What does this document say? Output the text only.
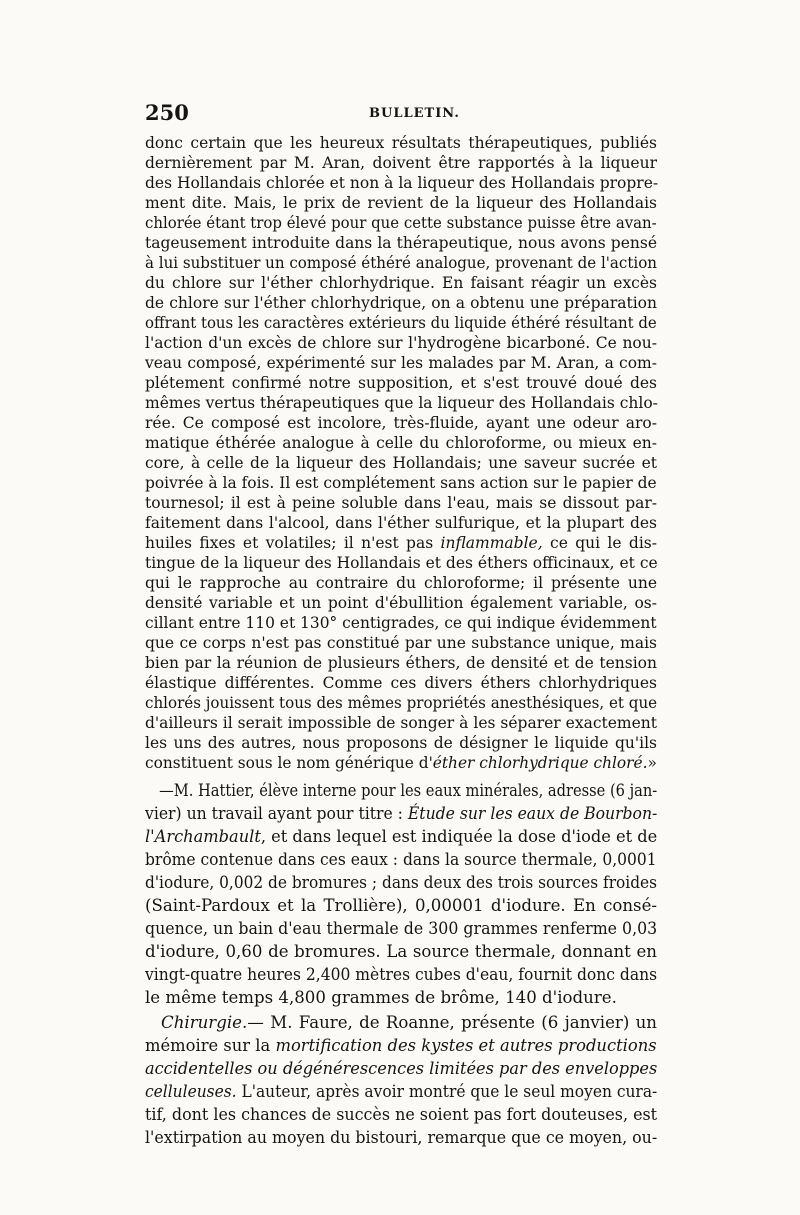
250	BULLETIN.
donc certain que les heureux résultats thérapeutiques, publiés
dernièrement par M. Aran, doivent être rapportés à la liqueur
des Hollandais chlorée et non à la liqueur des Hollandais propre-
ment dite. Mais, le prix de revient de la liqueur des Hollandais
chlorée étant trop élevé pour que cette substance puisse être avan-
tageusement introduite dans la thérapeutique, nous avons pensé
à lui substituer un composé éthéré analogue, provenant de l'action
du chlore sur l'éther chlorhydrique. En faisant réagir un excès
de chlore sur l'éther chlorhydrique, on a obtenu une préparation
offrant tous les caractères extérieurs du liquide éthéré résultant de
l'action d'un excès de chlore sur l'hydrogène bicarboné. Ce nou-
veau composé, expérimenté sur les malades par M. Aran, a com-
plétement confirmé notre supposition, et s'est trouvé doué des
mêmes vertus thérapeutiques que la liqueur des Hollandais chlo-
rée. Ce composé est incolore, très-fluide, ayant une odeur aro-
matique éthérée analogue à celle du chloroforme, ou mieux en-
core, à celle de la liqueur des Hollandais; une saveur sucrée et
poivrée à la fois. Il est complétement sans action sur le papier de
tournesol; il est à peine soluble dans l'eau, mais se dissout par-
faitement dans l'alcool, dans l'éther sulfurique, et la plupart des
huiles fixes et volatiles; il n'est pas inflammable, ce qui le dis-
tingue de la liqueur des Hollandais et des éthers officinaux, et ce
qui le rapproche au contraire du chloroforme; il présente une
densité variable et un point d'ébullition également variable, os-
cillant entre 110 et 130° centigrades, ce qui indique évidemment
que ce corps n'est pas constitué par une substance unique, mais
bien par la réunion de plusieurs éthers, de densité et de tension
élastique différentes. Comme ces divers éthers chlorhydriques
chlorés jouissent tous des mêmes propriétés anesthésiques, et que
d'ailleurs il serait impossible de songer à les séparer exactement
les uns des autres, nous proposons de désigner le liquide qu'ils
constituent sous le nom générique d'éther chlorhydrique chloré.»
—M. Hattier, élève interne pour les eaux minérales, adresse (6 jan-
vier) un travail ayant pour titre : Étude sur les eaux de Bourbon-
l'Archambault, et dans lequel est indiquée la dose d'iode et de
brôme contenue dans ces eaux : dans la source thermale, 0,0001
d'iodure, 0,002 de bromures ; dans deux des trois sources froides
(Saint-Pardoux et la Trollière), 0,00001 d'iodure. En consé-
quence, un bain d'eau thermale de 300 grammes renferme 0,03
d'iodure, 0,60 de bromures. La source thermale, donnant en
vingt-quatre heures 2,400 mètres cubes d'eau, fournit donc dans
le même temps 4,800 grammes de brôme, 140 d'iodure.
Chirurgie.— M. Faure, de Roanne, présente (6 janvier) un
mémoire sur la mortification des kystes et autres productions
accidentelles ou dégénérescences limitées par des enveloppes
celluleuses. L'auteur, après avoir montré que le seul moyen cura-
tif, dont les chances de succès ne soient pas fort douteuses, est
l'extirpation au moyen du bistouri, remarque que ce moyen, ou-
